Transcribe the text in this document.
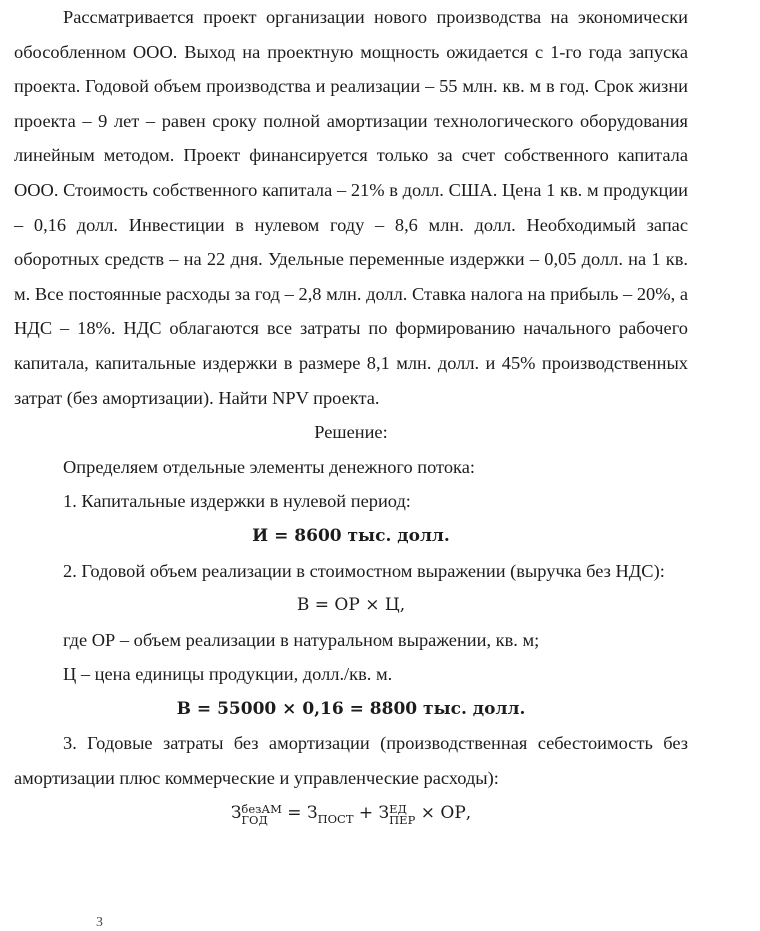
Рассматривается проект организации нового производства на экономически обособленном ООО. Выход на проектную мощность ожидается с 1-го года запуска проекта. Годовой объем производства и реализации – 55 млн. кв. м в год. Срок жизни проекта – 9 лет – равен сроку полной амортизации технологического оборудования линейным методом. Проект финансируется только за счет собственного капитала ООО. Стоимость собственного капитала – 21% в долл. США. Цена 1 кв. м продукции – 0,16 долл. Инвестиции в нулевом году – 8,6 млн. долл. Необходимый запас оборотных средств – на 22 дня. Удельные переменные издержки – 0,05 долл. на 1 кв. м. Все постоянные расходы за год – 2,8 млн. долл. Ставка налога на прибыль – 20%, а НДС – 18%. НДС облагаются все затраты по формированию начального рабочего капитала, капитальные издержки в размере 8,1 млн. долл. и 45% производственных затрат (без амортизации). Найти NPV проекта.

Решение:

Определяем отдельные элементы денежного потока:

1. Капитальные издержки в нулевой период:

И = 8600 тыс. долл.

2. Годовой объем реализации в стоимостном выражении (выручка без НДС):

В = ОР × Ц,

где ОР – объем реализации в натуральном выражении, кв. м;

Ц – цена единицы продукции, долл./кв. м.

В = 55000 × 0,16 = 8800 тыс. долл.

3. Годовые затраты без амортизации (производственная себестоимость без амортизации плюс коммерческие и управленческие расходы):

З безАМ
ГОД = $З_{ПОСТ} + З$ ЕД
ПЕР × ОР,

З
